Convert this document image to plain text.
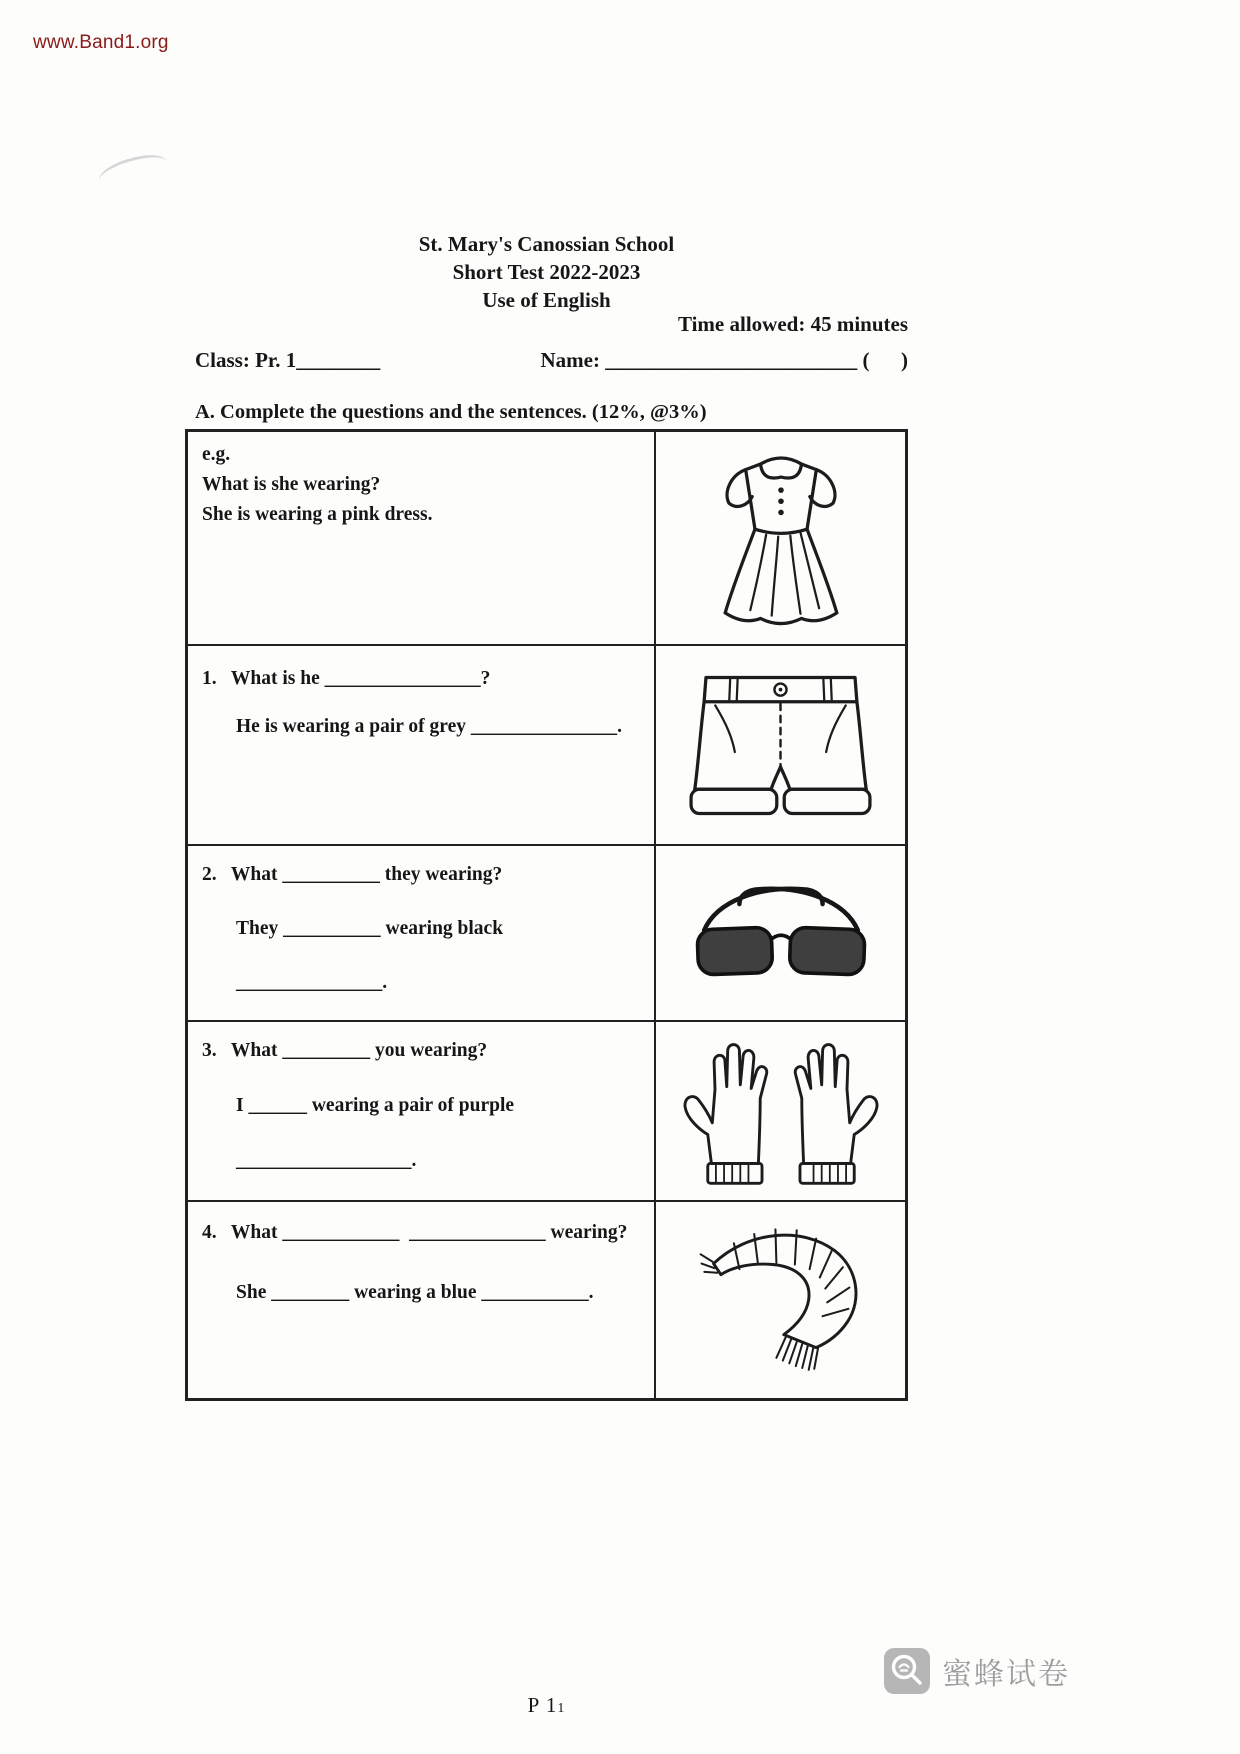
www.Band1.org
St. Mary's Canossian School
Short Test 2022-2023
Use of English
Time allowed: 45 minutes
Class: Pr. 1________	Name: ________________________ (      )
A. Complete the questions and the sentences. (12%, @3%)

e.g.

What is she wearing?

She is wearing a pink dress.

1.   What is he ________________?

He is wearing a pair of grey _______________.

2.   What __________ they wearing?

They __________ wearing black

_______________.

3.   What _________ you wearing?

I ______ wearing a pair of purple

__________________.

4.   What ____________  ______________ wearing?

She ________ wearing a blue ___________.

P 11
蜜蜂试卷
